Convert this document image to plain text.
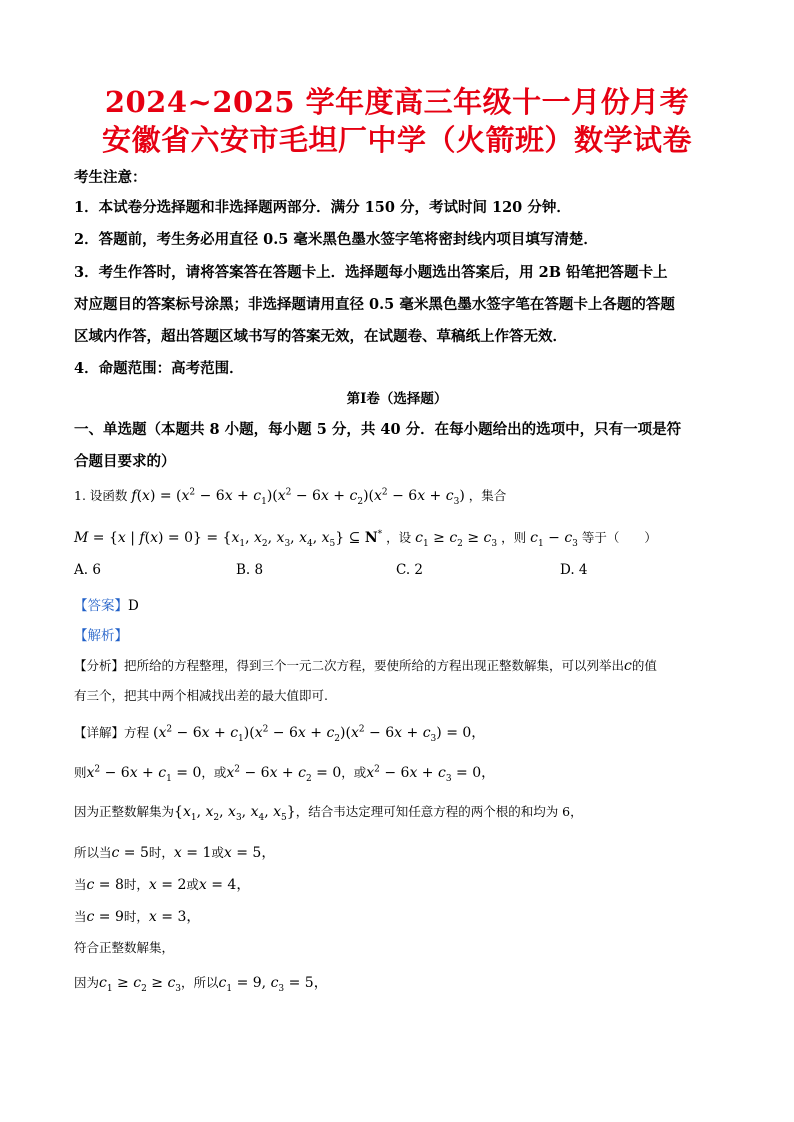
2024~2025 学年度高三年级十一月份月考
安徽省六安市毛坦厂中学（火箭班）数学试卷
考生注意：
1．本试卷分选择题和非选择题两部分．满分 150 分，考试时间 120 分钟．
2．答题前，考生务必用直径 0.5 毫米黑色墨水签字笔将密封线内项目填写清楚．
3．考生作答时，请将答案答在答题卡上．选择题每小题选出答案后，用 2B 铅笔把答题卡上
对应题目的答案标号涂黑；非选择题请用直径 0.5 毫米黑色墨水签字笔在答题卡上各题的答题
区域内作答，超出答题区域书写的答案无效，在试题卷、草稿纸上作答无效．
4．命题范围：高考范围．
第Ⅰ卷（选择题）
一、单选题（本题共 8 小题，每小题 5 分，共 40 分．在每小题给出的选项中，只有一项是符
合题目要求的）
1. 设函数 $f(x) = (x^2 - 6x + c_1)(x^2 - 6x + c_2)(x^2 - 6x + c_3)$ ，集合
M = {x | $f(x) = 0\} = \{x_1$, $x_2$, $x_3$, $x_4$, $x_5$} ⊆ N* ，设 $c_1 \ge c_2 \ge c_3$ ，则 $c_1 - c_3$ 等于（　　）
A. 6	B. 8	C. 2	D. 4
【答案】D
【解析】
【分析】把所给的方程整理，得到三个一元二次方程，要使所给的方程出现正整数解集，可以列举出c的值
有三个，把其中两个相减找出差的最大值即可.
【详解】方程 $(x^2 - 6x + c_1)(x^2 - 6x + c_2)(x^2 - 6x + c_3) = 0$，
则$x^2 - 6x + c_1 = 0$，或$x^2 - 6x + c_2 = 0$，或$x^2 - 6x + c_3 = 0$，
因为正整数解集为{$x_1$, $x_2$, $x_3$, $x_4$, $x_5$}，结合韦达定理可知任意方程的两个根的和均为 6，
所以当c = 5时，x = 1或x = 5，
当c = 8时，x = 2或x = 4，
当c = 9时，x = 3，
符合正整数解集，
因为$c_1 \ge c_2 \ge c_3$，所以$c_1 = 9$, $c_3 = 5$，
